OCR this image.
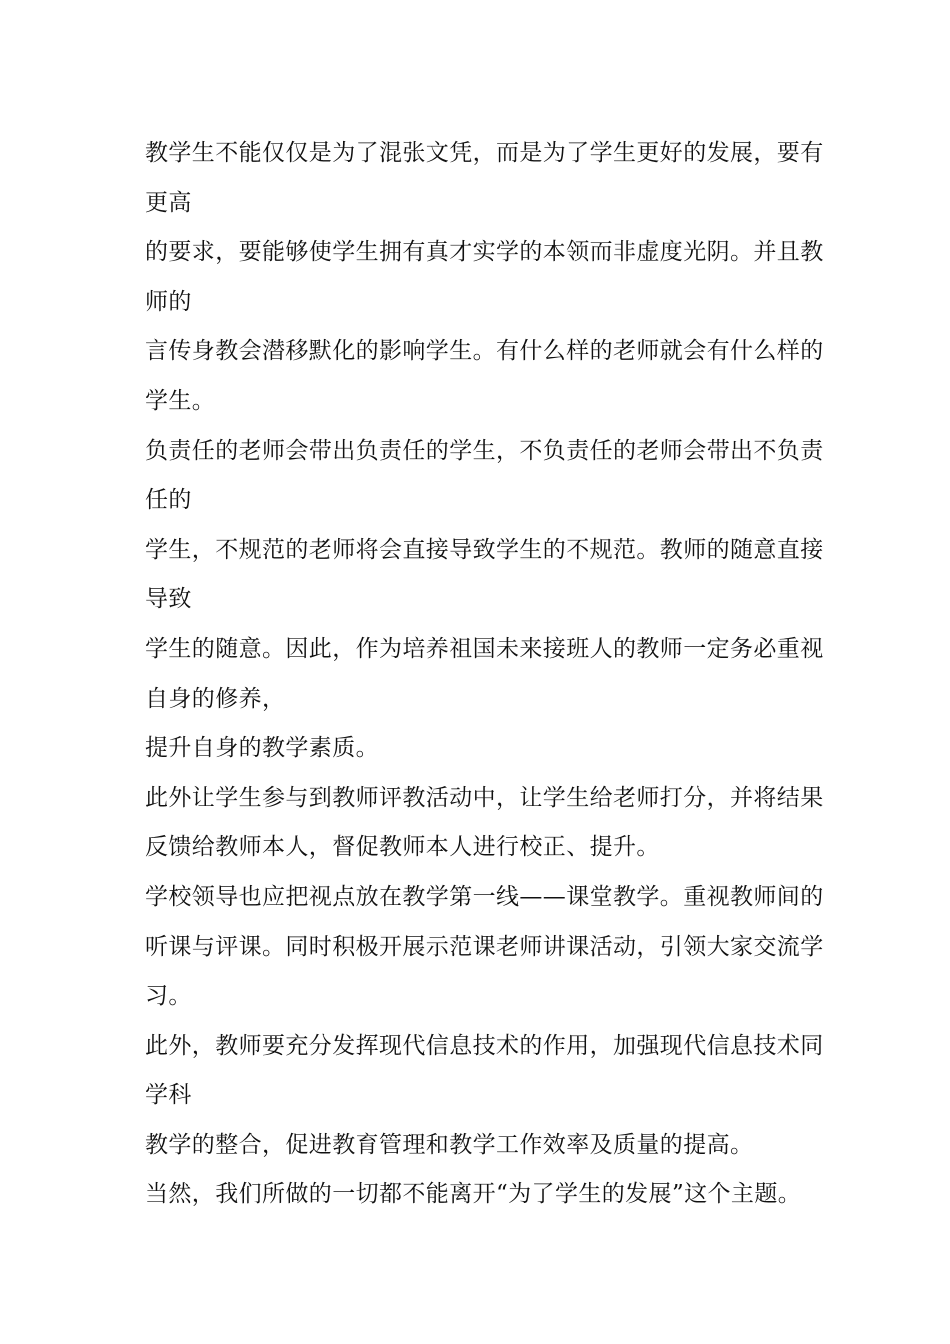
教学生不能仅仅是为了混张文凭，而是为了学生更好的发展，要有
更高
的要求，要能够使学生拥有真才实学的本领而非虚度光阴。并且教
师的
言传身教会潜移默化的影响学生。有什么样的老师就会有什么样的
学生。
负责任的老师会带出负责任的学生，不负责任的老师会带出不负责
任的
学生，不规范的老师将会直接导致学生的不规范。教师的随意直接
导致
学生的随意。因此，作为培养祖国未来接班人的教师一定务必重视
自身的修养，
提升自身的教学素质。
此外让学生参与到教师评教活动中，让学生给老师打分，并将结果
反馈给教师本人，督促教师本人进行校正、提升。
学校领导也应把视点放在教学第一线——课堂教学。重视教师间的
听课与评课。同时积极开展示范课老师讲课活动，引领大家交流学
习。
此外，教师要充分发挥现代信息技术的作用，加强现代信息技术同
学科
教学的整合，促进教育管理和教学工作效率及质量的提高。
当然，我们所做的一切都不能离开“为了学生的发展”这个主题。
